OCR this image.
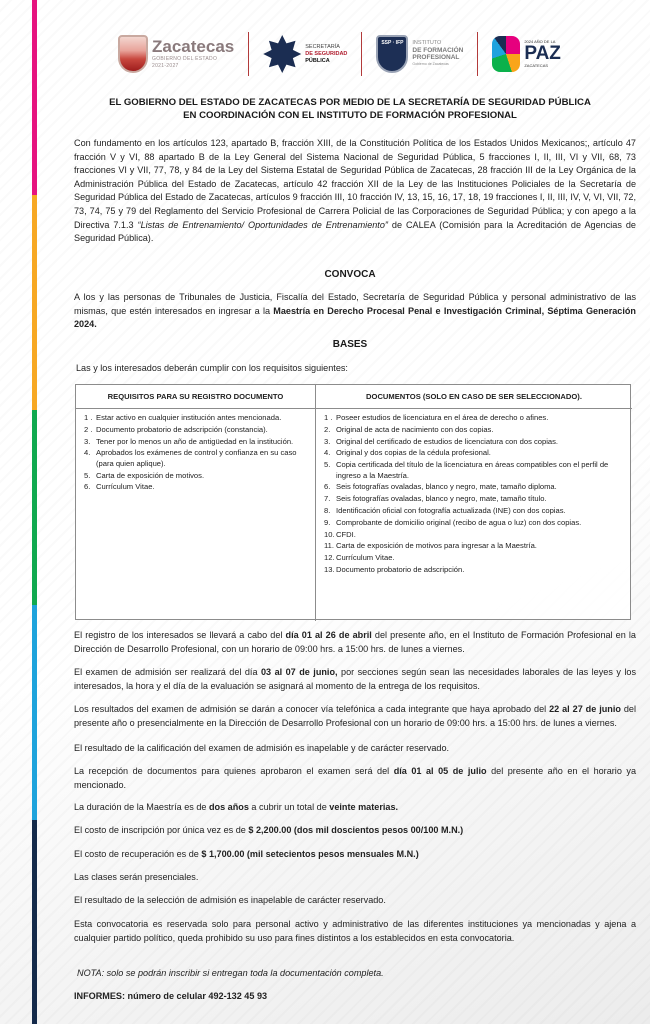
Zacatecas
GOBIERNO DEL ESTADO
2021-2027
SECRETARÍA
DE SEGURIDAD
PÚBLICA
SSP · IFP	INSTITUTO
DE FORMACIÓN
PROFESIONAL
Gobierno de Zacatecas
2024 AÑO DE LA
PAZ
ZACATECAS
EL GOBIERNO DEL ESTADO DE ZACATECAS POR MEDIO DE LA SECRETARÍA DE SEGURIDAD PÚBLICA
EN COORDINACIÓN CON EL INSTITUTO DE FORMACIÓN PROFESIONAL

Con fundamento en los artículos 123, apartado B, fracción XIII, de la Constitución Política de los Estados Unidos Mexicanos;, artículo 47 fracción V y VI, 88 apartado B de la Ley General del Sistema Nacional de Seguridad Pública, 5 fracciones I, II, III, VI y VII, 68, 73 fracciones VI y VII, 77, 78, y 84 de la Ley del Sistema Estatal de Seguridad Pública de Zacatecas, 28 fracción III de la Ley Orgánica de la Administración Pública del Estado de Zacatecas, artículo 42 fracción XII de la Ley de las Instituciones Policiales de la Secretaría de Seguridad Pública del Estado de Zacatecas, artículos 9 fracción III, 10 fracción IV, 13, 15, 16, 17, 18, 19 fracciones I, II, III, IV, V, VI, VII, 72, 73, 74, 75 y 79 del Reglamento del Servicio Profesional de Carrera Policial de las Corporaciones de Seguridad Pública; y con apego a la Directiva 7.1.3 “Listas de Entrenamiento/ Oportunidades de Entrenamiento” de CALEA (Comisión para la Acreditación de Agencias de Seguridad Pública).

CONVOCA

A los y las personas de Tribunales de Justicia, Fiscalía del Estado, Secretaría de Seguridad Pública y personal administrativo de las mismas, que estén interesados en ingresar a la Maestría en Derecho Procesal Penal e Investigación Criminal, Séptima Generación 2024.

BASES

Las y los interesados deberán cumplir con los requisitos siguientes:

REQUISITOS PARA SU REGISTRO DOCUMENTO	DOCUMENTOS (SOLO EN CASO DE SER SELECCIONADO).
1 . Estar activo en cualquier institución antes mencionada.
2 . Documento probatorio de adscripción (constancia).
3. Tener por lo menos un año de antigüedad en la institución.
4. Aprobados los exámenes de control y confianza en su caso (para quien aplique).
5. Carta de exposición de motivos.
6. Currículum Vitae.
1 . Poseer estudios de licenciatura en el área de derecho o afines.
2. Original de acta de nacimiento con dos copias.
3. Original del certificado de estudios de licenciatura con dos copias.
4. Original y dos copias de la cédula profesional.
5. Copia certificada del título de la licenciatura en áreas compatibles con el perfil de ingreso a la Maestría.
6. Seis fotografías ovaladas, blanco y negro, mate, tamaño diploma.
7. Seis fotografías ovaladas, blanco y negro, mate, tamaño título.
8. Identificación oficial con fotografía actualizada (INE) con dos copias.
9. Comprobante de domicilio original (recibo de agua o luz) con dos copias.
10. CFDI.
11. Carta de exposición de motivos para ingresar a la Maestría.
12. Currículum Vitae.
13. Documento probatorio de adscripción.

El registro de los interesados se llevará a cabo del día 01 al 26 de abril del presente año, en el Instituto de Formación Profesional en la Dirección de Desarrollo Profesional, con un horario de 09:00 hrs. a 15:00 hrs. de lunes a viernes.

El examen de admisión ser realizará del día 03 al 07 de junio, por secciones según sean las necesidades laborales de las leyes y los interesados, la hora y el día de la evaluación se asignará al momento de la entrega de los requisitos.

Los resultados del examen de admisión se darán a conocer vía telefónica a cada integrante que haya aprobado del 22 al 27 de junio del presente año o presencialmente en la Dirección de Desarrollo Profesional con un horario de 09:00 hrs. a 15:00 hrs. de lunes a viernes.

El resultado de la calificación del examen de admisión es inapelable y de carácter reservado.

La recepción de documentos para quienes aprobaron el examen será del día 01 al 05 de julio del presente año en el horario ya mencionado.

La duración de la Maestría es de dos años a cubrir un total de veinte materias.

El costo de inscripción por única vez es de $ 2,200.00 (dos mil doscientos pesos 00/100 M.N.)

El costo de recuperación es de $ 1,700.00 (mil setecientos pesos mensuales M.N.)

Las clases serán presenciales.

El resultado de la selección de admisión es inapelable de carácter reservado.

Esta convocatoria es reservada solo para personal activo y administrativo de las diferentes instituciones ya mencionadas y ajena a cualquier partido político, queda prohibido su uso para fines distintos a los establecidos en esta convocatoria.

NOTA: solo se podrán inscribir si entregan toda la documentación completa.

INFORMES: número de celular 492-132 45 93
